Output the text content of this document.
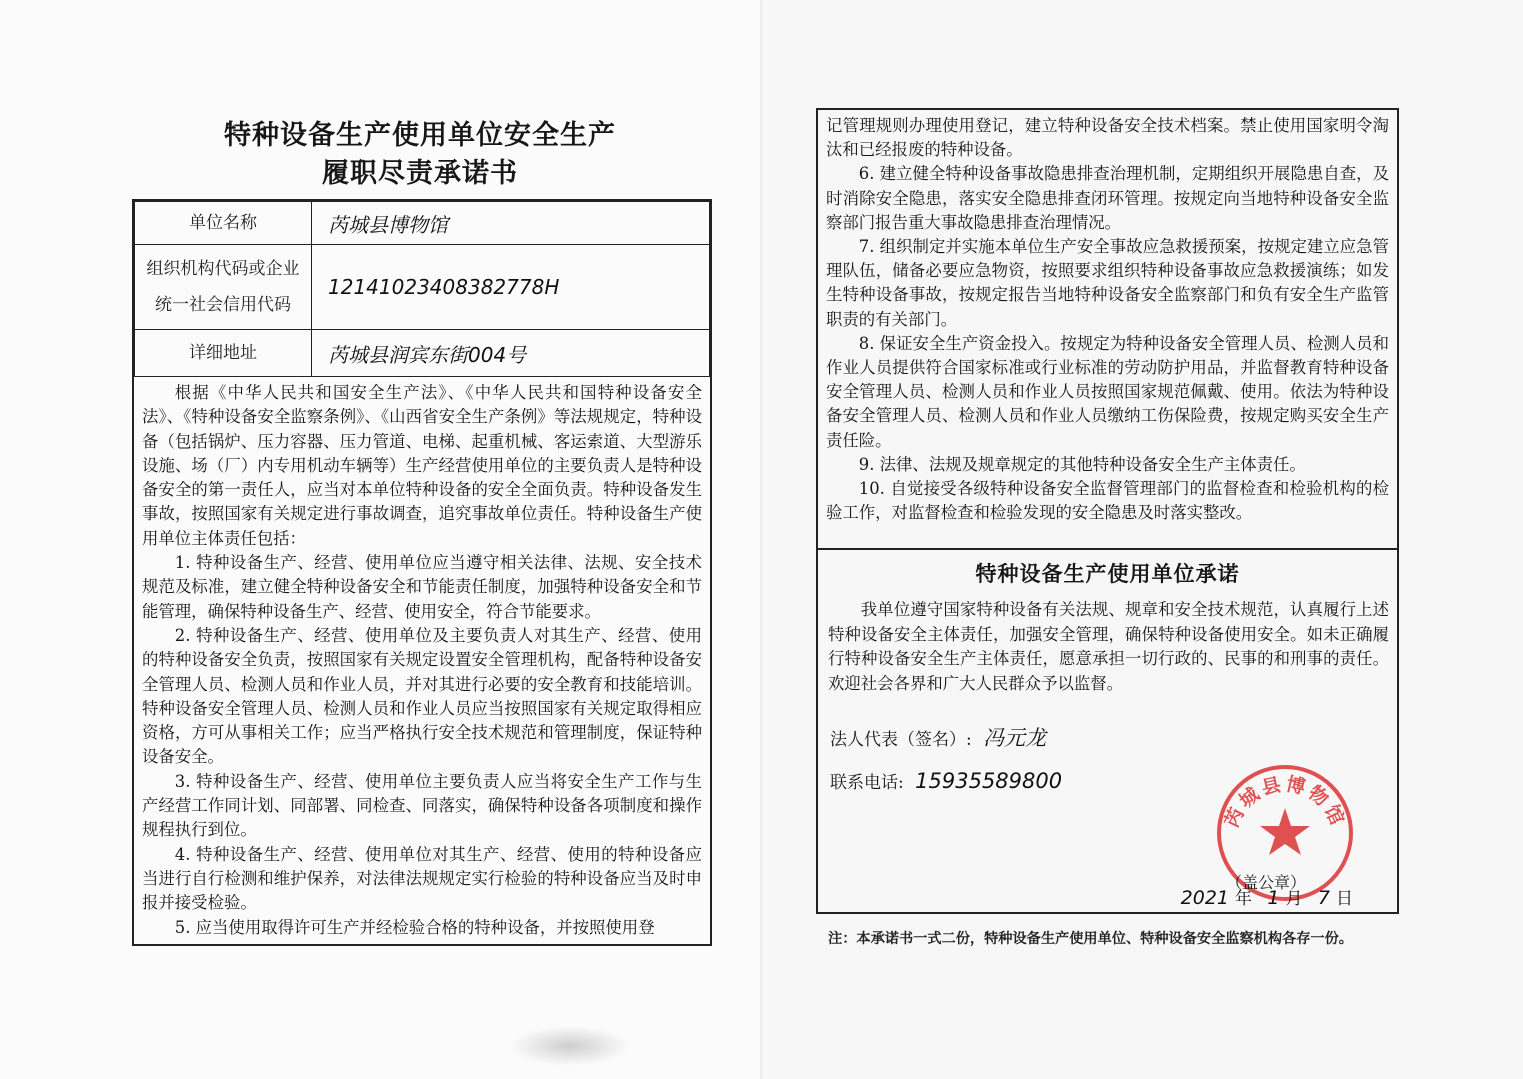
特种设备生产使用单位安全生产
履职尽责承诺书
单位名称	芮城县博物馆

组织机构代码或企业
统一社会信用代码	12141023408382778H
详细地址	芮城县润宾东街004号

根据《中华人民共和国安全生产法》、《中华人民共和国特种设备安全法》、《特种设备安全监察条例》、《山西省安全生产条例》等法规规定，特种设备（包括锅炉、压力容器、压力管道、电梯、起重机械、客运索道、大型游乐设施、场（厂）内专用机动车辆等）生产经营使用单位的主要负责人是特种设备安全的第一责任人，应当对本单位特种设备的安全全面负责。特种设备发生事故，按照国家有关规定进行事故调查，追究事故单位责任。特种设备生产使用单位主体责任包括：

1. 特种设备生产、经营、使用单位应当遵守相关法律、法规、安全技术规范及标准，建立健全特种设备安全和节能责任制度，加强特种设备安全和节能管理，确保特种设备生产、经营、使用安全，符合节能要求。

2. 特种设备生产、经营、使用单位及主要负责人对其生产、经营、使用的特种设备安全负责，按照国家有关规定设置安全管理机构，配备特种设备安全管理人员、检测人员和作业人员，并对其进行必要的安全教育和技能培训。特种设备安全管理人员、检测人员和作业人员应当按照国家有关规定取得相应资格，方可从事相关工作；应当严格执行安全技术规范和管理制度，保证特种设备安全。

3. 特种设备生产、经营、使用单位主要负责人应当将安全生产工作与生产经营工作同计划、同部署、同检查、同落实，确保特种设备各项制度和操作规程执行到位。

4. 特种设备生产、经营、使用单位对其生产、经营、使用的特种设备应当进行自行检测和维护保养，对法律法规规定实行检验的特种设备应当及时申报并接受检验。

5. 应当使用取得许可生产并经检验合格的特种设备，并按照使用登

记管理规则办理使用登记，建立特种设备安全技术档案。禁止使用国家明令淘汰和已经报废的特种设备。

6. 建立健全特种设备事故隐患排查治理机制，定期组织开展隐患自查，及时消除安全隐患，落实安全隐患排查闭环管理。按规定向当地特种设备安全监察部门报告重大事故隐患排查治理情况。

7. 组织制定并实施本单位生产安全事故应急救援预案，按规定建立应急管理队伍，储备必要应急物资，按照要求组织特种设备事故应急救援演练；如发生特种设备事故，按规定报告当地特种设备安全监察部门和负有安全生产监管职责的有关部门。

8. 保证安全生产资金投入。按规定为特种设备安全管理人员、检测人员和作业人员提供符合国家标准或行业标准的劳动防护用品，并监督教育特种设备安全管理人员、检测人员和作业人员按照国家规范佩戴、使用。依法为特种设备安全管理人员、检测人员和作业人员缴纳工伤保险费，按规定购买安全生产责任险。

9. 法律、法规及规章规定的其他特种设备安全生产主体责任。

10. 自觉接受各级特种设备安全监督管理部门的监督检查和检验机构的检验工作，对监督检查和检验发现的安全隐患及时落实整改。

特种设备生产使用单位承诺

我单位遵守国家特种设备有关法规、规章和安全技术规范，认真履行上述特种设备安全主体责任，加强安全管理，确保特种设备使用安全。如未正确履行特种设备安全生产主体责任，愿意承担一切行政的、民事的和刑事的责任。欢迎社会各界和广大人民群众予以监督。

法人代表（签名）: 冯元龙
联系电话: 15935589800
芮城县博物馆
（盖公章）
2021 年 1 月 7 日
注：本承诺书一式二份，特种设备生产使用单位、特种设备安全监察机构各存一份。
